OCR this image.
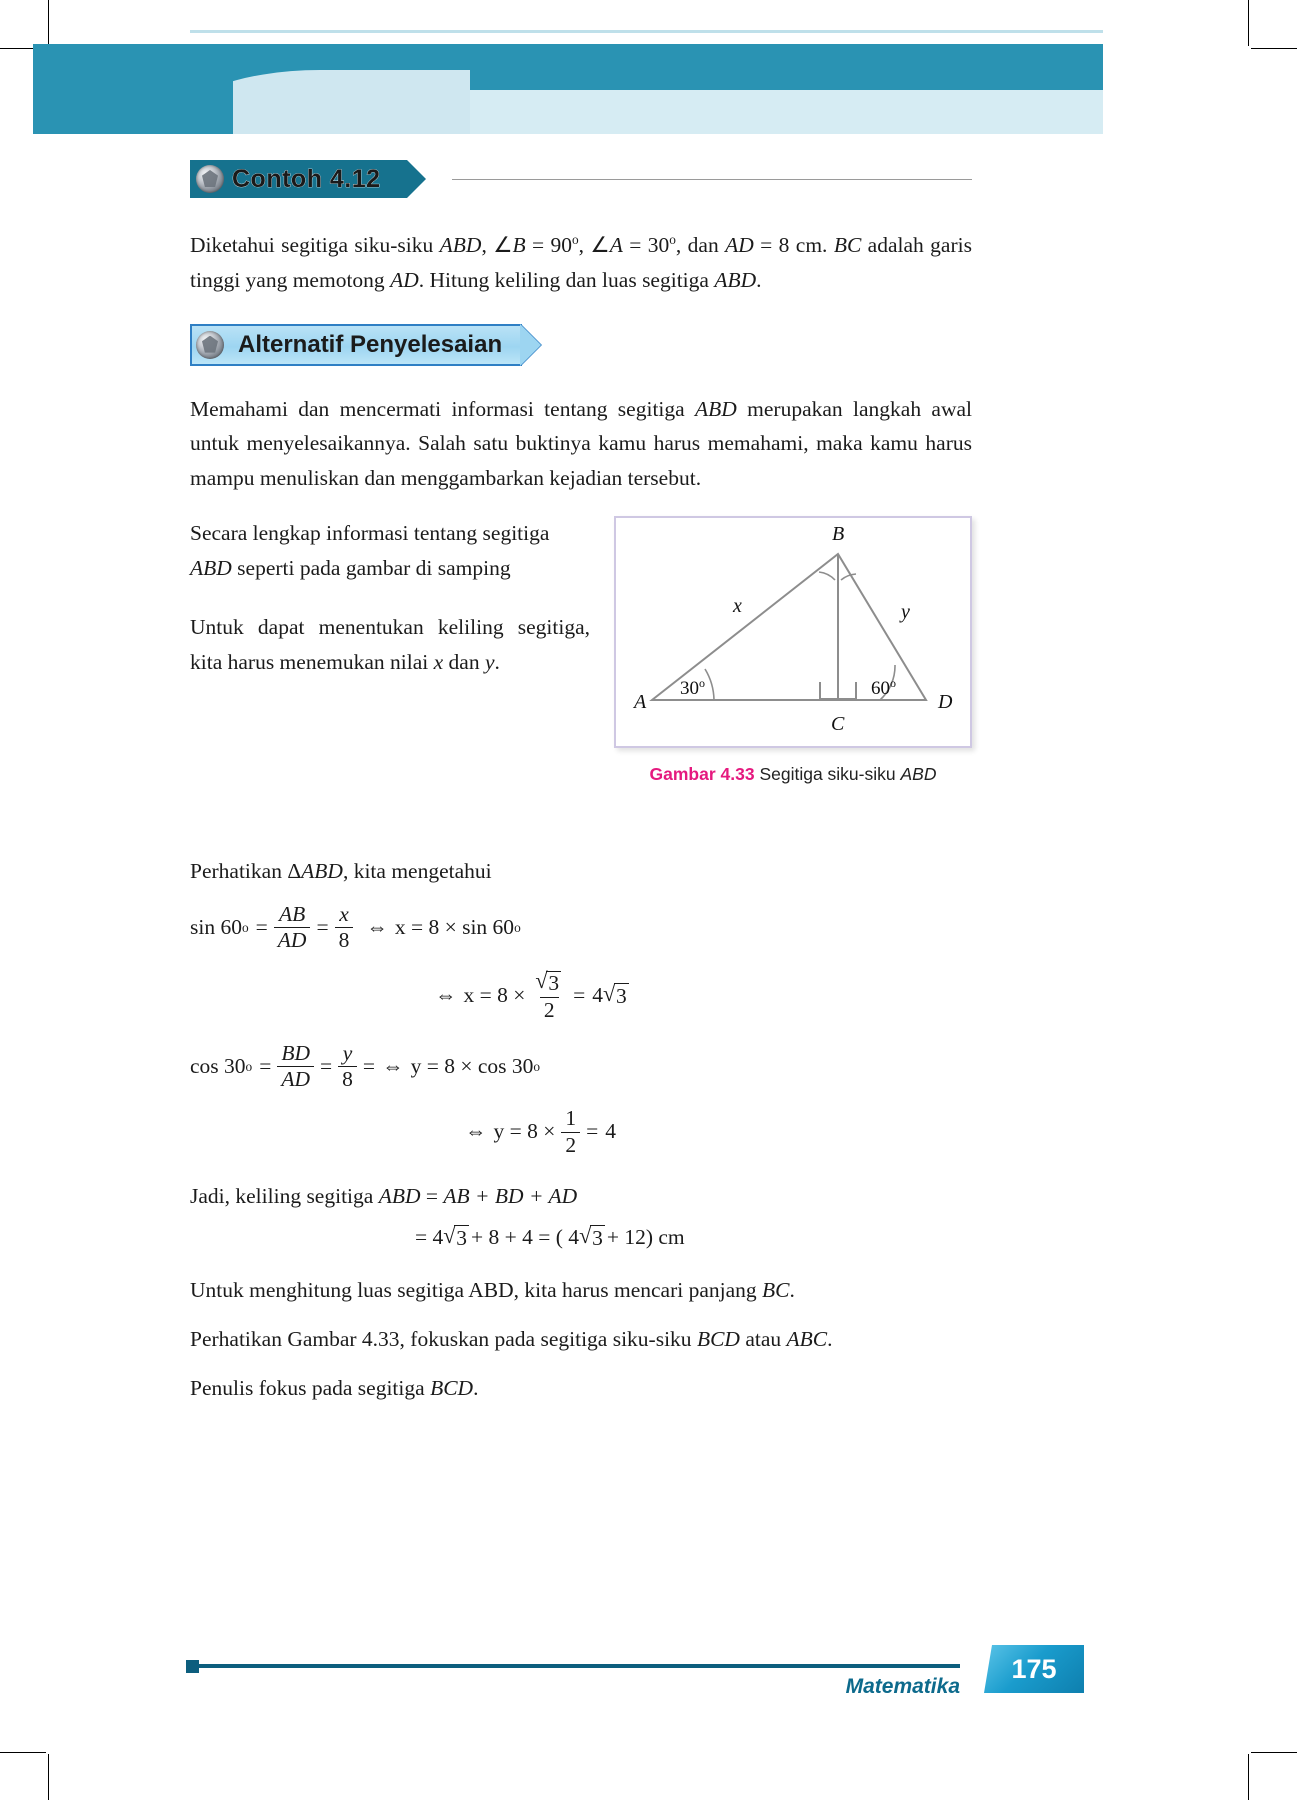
Contoh 4.12

Diketahui segitiga siku-siku ABD, ∠B = $90^o$, ∠A = $30^o$, dan AD = 8 cm. BC adalah garis tinggi yang memotong AD. Hitung keliling dan luas segitiga ABD.

Alternatif Penyelesaian

Memahami dan mencermati informasi tentang segitiga ABD merupakan langkah awal untuk menyelesaikannya. Salah satu buktinya kamu harus memahami, maka kamu harus mampu menuliskan dan menggambarkan kejadian tersebut.

Secara lengkap informasi tentang segitiga ABD seperti pada gambar di samping

Untuk dapat menentukan keliling segitiga, kita harus menemukan nilai x dan y.

A
B
C
D
x	y
30$^o$	60$^o$
Gambar 4.33 Segitiga siku-siku ABD

Perhatikan ΔABD, kita mengetahui

sin 60 $o = \frac{AB}{AD} = \frac{x}{8}$ ⇔ x = 8 × sin 60 o
⇔ x = 8 × √ $\frac{3}{2} = 4$ √ 3
cos 30 $o = \frac{BD}{AD} = \frac{y}{8}$ = ⇔ y = 8 × cos 30 o
⇔ $y = 8 \times \frac{1}{2} = 4$

Jadi, keliling segitiga ABD = AB + BD + AD

= 4 √ 3 + 8 + 4 = ( 4 √ 3 + 12) cm

Untuk menghitung luas segitiga ABD, kita harus mencari panjang BC.

Perhatikan Gambar 4.33, fokuskan pada segitiga siku-siku BCD atau ABC.

Penulis fokus pada segitiga BCD.

Matematika
175
